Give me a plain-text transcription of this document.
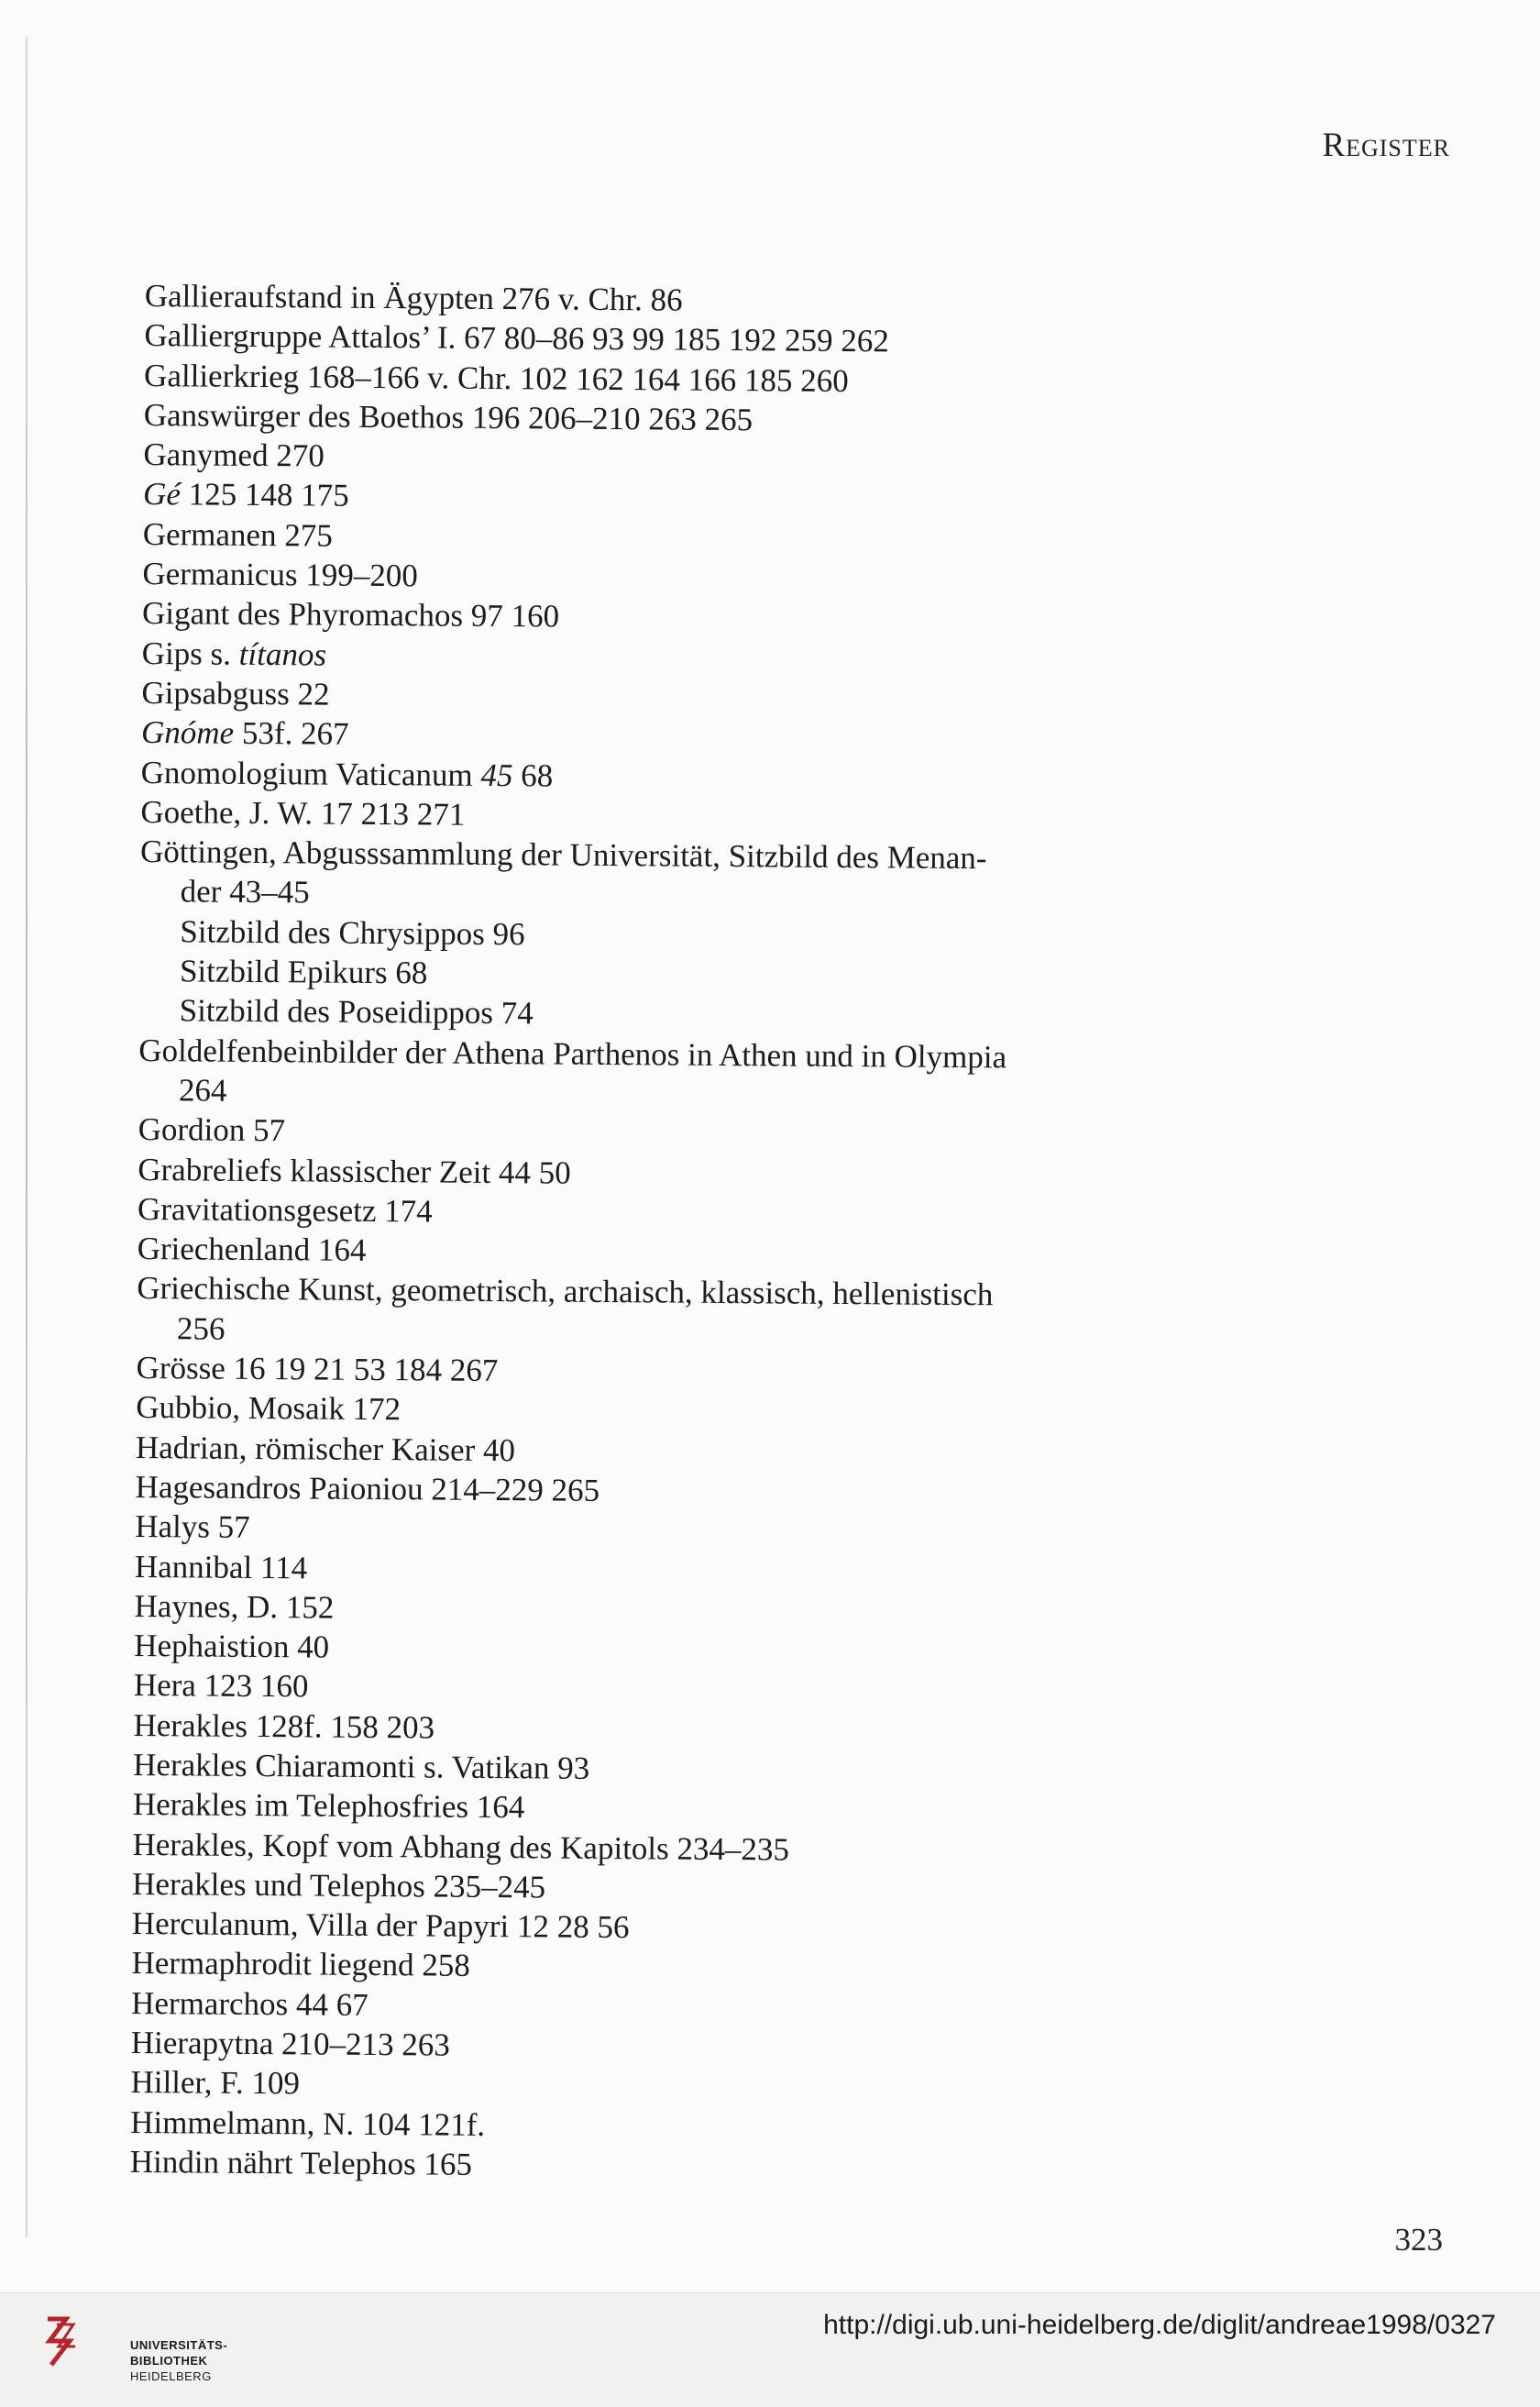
Register
Gallieraufstand in Ägypten 276 v. Chr. 86
Galliergruppe Attalos’ I. 67 80–86 93 99 185 192 259 262
Gallierkrieg 168–166 v. Chr. 102 162 164 166 185 260
Ganswürger des Boethos 196 206–210 263 265
Ganymed 270
Gé 125 148 175
Germanen 275
Germanicus 199–200
Gigant des Phyromachos 97 160
Gips s. títanos
Gipsabguss 22
Gnóme 53f. 267
Gnomologium Vaticanum 45 68
Goethe, J. W. 17 213 271
Göttingen, Abgusssammlung der Universität, Sitzbild des Menan-
der 43–45
Sitzbild des Chrysippos 96
Sitzbild Epikurs 68
Sitzbild des Poseidippos 74
Goldelfenbeinbilder der Athena Parthenos in Athen und in Olympia
264
Gordion 57
Grabreliefs klassischer Zeit 44 50
Gravitationsgesetz 174
Griechenland 164
Griechische Kunst, geometrisch, archaisch, klassisch, hellenistisch
256
Grösse 16 19 21 53 184 267
Gubbio, Mosaik 172
Hadrian, römischer Kaiser 40
Hagesandros Paioniou 214–229 265
Halys 57
Hannibal 114
Haynes, D. 152
Hephaistion 40
Hera 123 160
Herakles 128f. 158 203
Herakles Chiaramonti s. Vatikan 93
Herakles im Telephosfries 164
Herakles, Kopf vom Abhang des Kapitols 234–235
Herakles und Telephos 235–245
Herculanum, Villa der Papyri 12 28 56
Hermaphrodit liegend 258
Hermarchos 44 67
Hierapytna 210–213 263
Hiller, F. 109
Himmelmann, N. 104 121f.
Hindin nährt Telephos 165
323
UNIVERSITÄTS-
BIBLIOTHEK
HEIDELBERG
http://digi.ub.uni-heidelberg.de/diglit/andreae1998/0327
